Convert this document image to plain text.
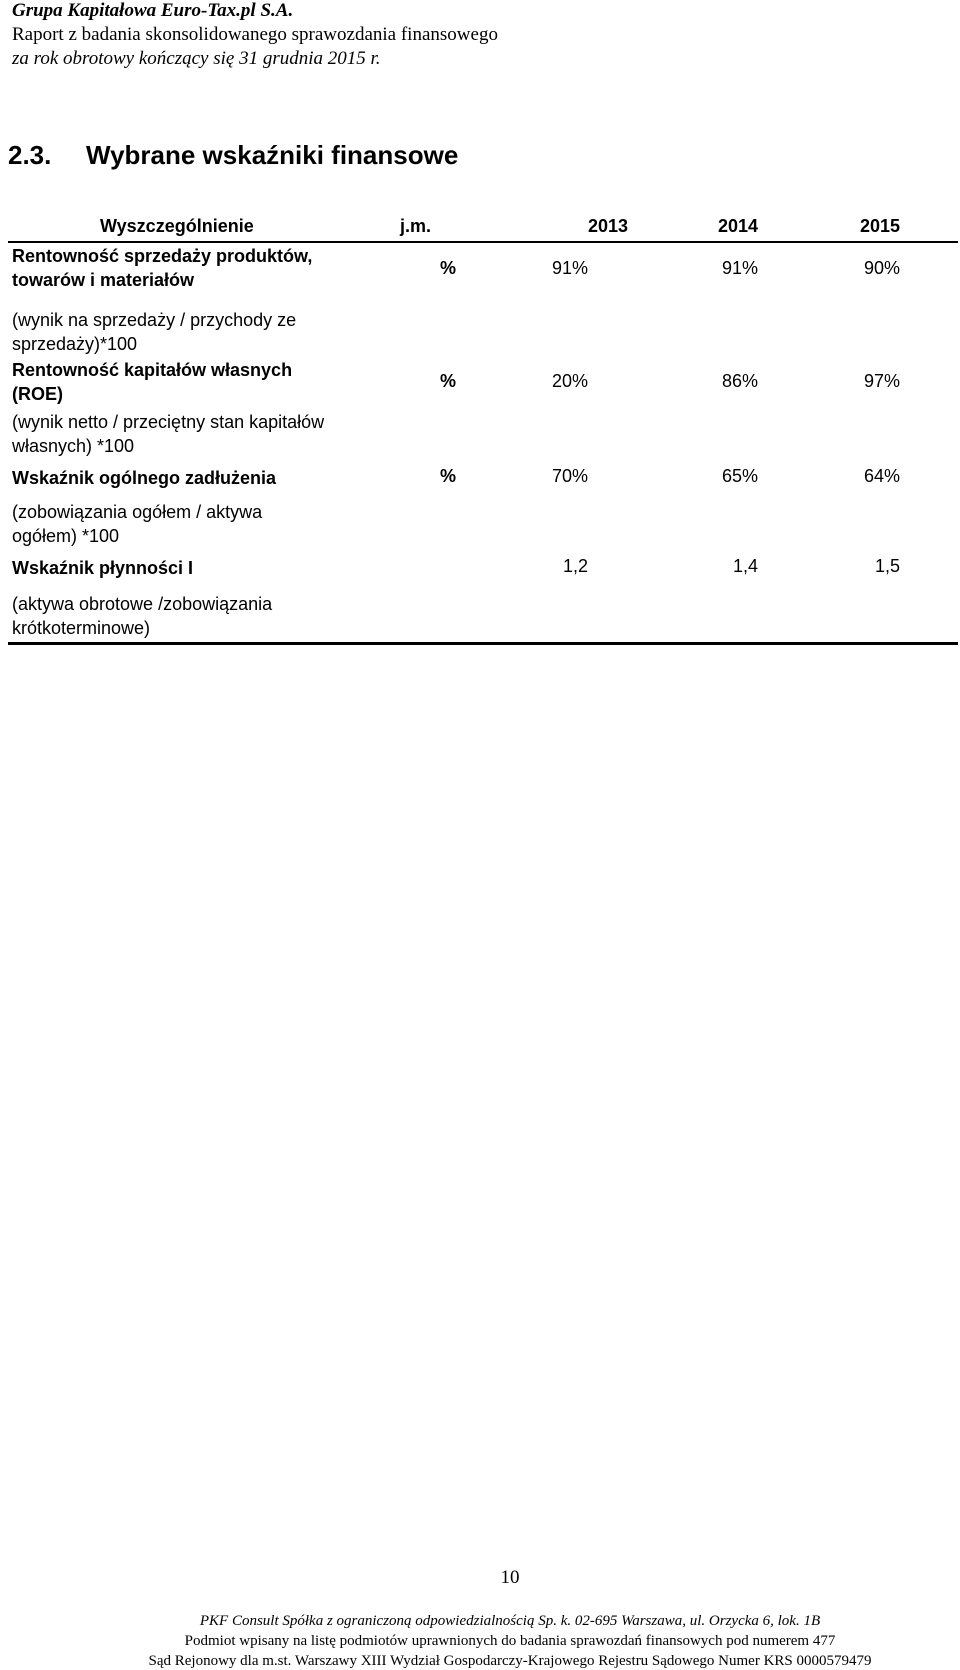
Grupa Kapitałowa Euro-Tax.pl S.A.
Raport z badania skonsolidowanego sprawozdania finansowego
za rok obrotowy kończący się 31 grudnia 2015 r.
2.3. Wybrane wskaźniki finansowe
Wyszczególnienie	j.m.	2013	2014	2015
Rentowność sprzedaży produktów,
towarów i materiałów
%	91%	91%	90%
(wynik na sprzedaży / przychody ze
sprzedaży)*100
Rentowność kapitałów własnych
(ROE)
%	20%	86%	97%
(wynik netto / przeciętny stan kapitałów
własnych) *100
Wskaźnik ogólnego zadłużenia	%	70%	65%	64%
(zobowiązania ogółem / aktywa
ogółem) *100
Wskaźnik płynności I	1,2	1,4	1,5
(aktywa obrotowe /zobowiązania
krótkoterminowe)
10
PKF Consult Spółka z ograniczoną odpowiedzialnością Sp. k. 02-695 Warszawa, ul. Orzycka 6, lok. 1B
Podmiot wpisany na listę podmiotów uprawnionych do badania sprawozdań finansowych pod numerem 477
Sąd Rejonowy dla m.st. Warszawy XIII Wydział Gospodarczy-Krajowego Rejestru Sądowego Numer KRS 0000579479
